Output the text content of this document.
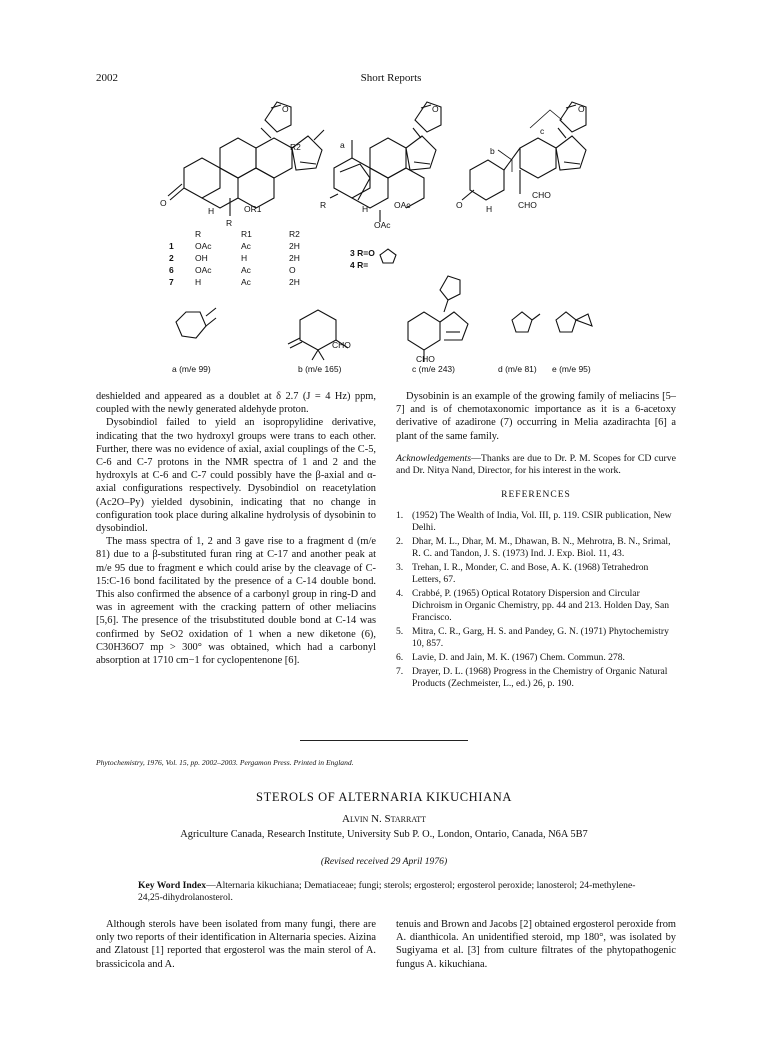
2002	Short Reports
R2
OR1
R
H
O
O
a
R	H	OAc
OAc
O
c
b
O	H
CHO
CHO
O
	R	R1	R2
1	OAc	Ac	2H
2	OH	H	2H
6	OAc	Ac	O
7	H	Ac	2H
3 R=O
4 R=
a (m/e 99)	b (m/e 165)	c (m/e 243)	d (m/e 81) e (m/e 95)
CHO
CHO

deshielded and appeared as a doublet at δ 2.7 (J = 4 Hz) ppm, coupled with the newly generated aldehyde proton.

Dysobindiol failed to yield an isopropylidine derivative, indicating that the two hydroxyl groups were trans to each other. Further, there was no evidence of axial, axial couplings of the C-5, C-6 and C-7 protons in the NMR spectra of 1 and 2 and the hydroxyls at C-6 and C-7 could possibly have the β-axial and α-axial configurations respectively. Dysobindiol on reacetylation (Ac2O–Py) yielded dysobinin, indicating that no change in configuration took place during alkaline hydrolysis of dysobinin to dysobindiol.

The mass spectra of 1, 2 and 3 gave rise to a fragment d (m/e 81) due to a β-substituted furan ring at C-17 and another peak at m/e 95 due to fragment e which could arise by the cleavage of C-15:C-16 bond facilitated by the presence of a C-14 double bond. This also confirmed the absence of a carbonyl group in ring-D and was in agreement with the cracking pattern of other meliacins [5,6]. The presence of the trisubstituted double bond at C-14 was confirmed by SeO2 oxidation of 1 when a new diketone (6), C30H36O7 mp > 300° was obtained, which had a carbonyl absorption at 1710 cm−1 for cyclopentenone [6].

Dysobinin is an example of the growing family of meliacins [5–7] and is of chemotaxonomic importance as it is a 6-acetoxy derivative of azadirone (7) occurring in Melia azadirachta [6] a plant of the same family.

Acknowledgements—Thanks are due to Dr. P. M. Scopes for CD curve and Dr. Nitya Nand, Director, for his interest in the work.

REFERENCES
1. (1952) The Wealth of India, Vol. III, p. 119. CSIR publication, New Delhi.
2. Dhar, M. L., Dhar, M. M., Dhawan, B. N., Mehrotra, B. N., Srimal, R. C. and Tandon, J. S. (1973) Ind. J. Exp. Biol. 11, 43.
3. Trehan, I. R., Monder, C. and Bose, A. K. (1968) Tetrahedron Letters, 67.
4. Crabbé, P. (1965) Optical Rotatory Dispersion and Circular Dichroism in Organic Chemistry, pp. 44 and 213. Holden Day, San Francisco.
5. Mitra, C. R., Garg, H. S. and Pandey, G. N. (1971) Phytochemistry 10, 857.
6. Lavie, D. and Jain, M. K. (1967) Chem. Commun. 278.
7. Drayer, D. L. (1968) Progress in the Chemistry of Organic Natural Products (Zechmeister, L., ed.) 26, p. 190.
Phytochemistry, 1976, Vol. 15, pp. 2002–2003. Pergamon Press. Printed in England.
STEROLS OF ALTERNARIA KIKUCHIANA
Alvin N. Starratt
Agriculture Canada, Research Institute, University Sub P. O., London, Ontario, Canada, N6A 5B7
(Revised received 29 April 1976)
Key Word Index—Alternaria kikuchiana; Dematiaceae; fungi; sterols; ergosterol; ergosterol peroxide; lanosterol; 24-methylene-24,25-dihydrolanosterol.

Although sterols have been isolated from many fungi, there are only two reports of their identification in Alternaria species. Aizina and Zlatoust [1] reported that ergosterol was the main sterol of A. brassicicola and A.

tenuis and Brown and Jacobs [2] obtained ergosterol peroxide from A. dianthicola. An unidentified steroid, mp 180°, was isolated by Sugiyama et al. [3] from culture filtrates of the phytopathogenic fungus A. kikuchiana.
